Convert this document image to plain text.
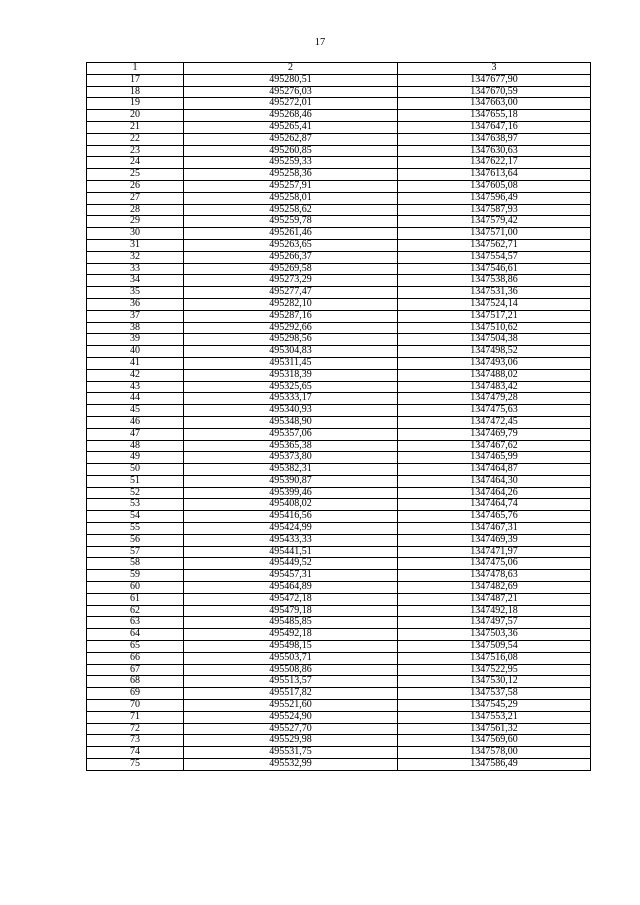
17
1	2	3
17	495280,51	1347677,90
18	495276,03	1347670,59
19	495272,01	1347663,00
20	495268,46	1347655,18
21	495265,41	1347647,16
22	495262,87	1347638,97
23	495260,85	1347630,63
24	495259,33	1347622,17
25	495258,36	1347613,64
26	495257,91	1347605,08
27	495258,01	1347596,49
28	495258,62	1347587,93
29	495259,78	1347579,42
30	495261,46	1347571,00
31	495263,65	1347562,71
32	495266,37	1347554,57
33	495269,58	1347546,61
34	495273,29	1347538,86
35	495277,47	1347531,36
36	495282,10	1347524,14
37	495287,16	1347517,21
38	495292,66	1347510,62
39	495298,56	1347504,38
40	495304,83	1347498,52
41	495311,45	1347493,06
42	495318,39	1347488,02
43	495325,65	1347483,42
44	495333,17	1347479,28
45	495340,93	1347475,63
46	495348,90	1347472,45
47	495357,06	1347469,79
48	495365,38	1347467,62
49	495373,80	1347465,99
50	495382,31	1347464,87
51	495390,87	1347464,30
52	495399,46	1347464,26
53	495408,02	1347464,74
54	495416,56	1347465,76
55	495424,99	1347467,31
56	495433,33	1347469,39
57	495441,51	1347471,97
58	495449,52	1347475,06
59	495457,31	1347478,63
60	495464,89	1347482,69
61	495472,18	1347487,21
62	495479,18	1347492,18
63	495485,85	1347497,57
64	495492,18	1347503,36
65	495498,15	1347509,54
66	495503,71	1347516,08
67	495508,86	1347522,95
68	495513,57	1347530,12
69	495517,82	1347537,58
70	495521,60	1347545,29
71	495524,90	1347553,21
72	495527,70	1347561,32
73	495529,98	1347569,60
74	495531,75	1347578,00
75	495532,99	1347586,49
